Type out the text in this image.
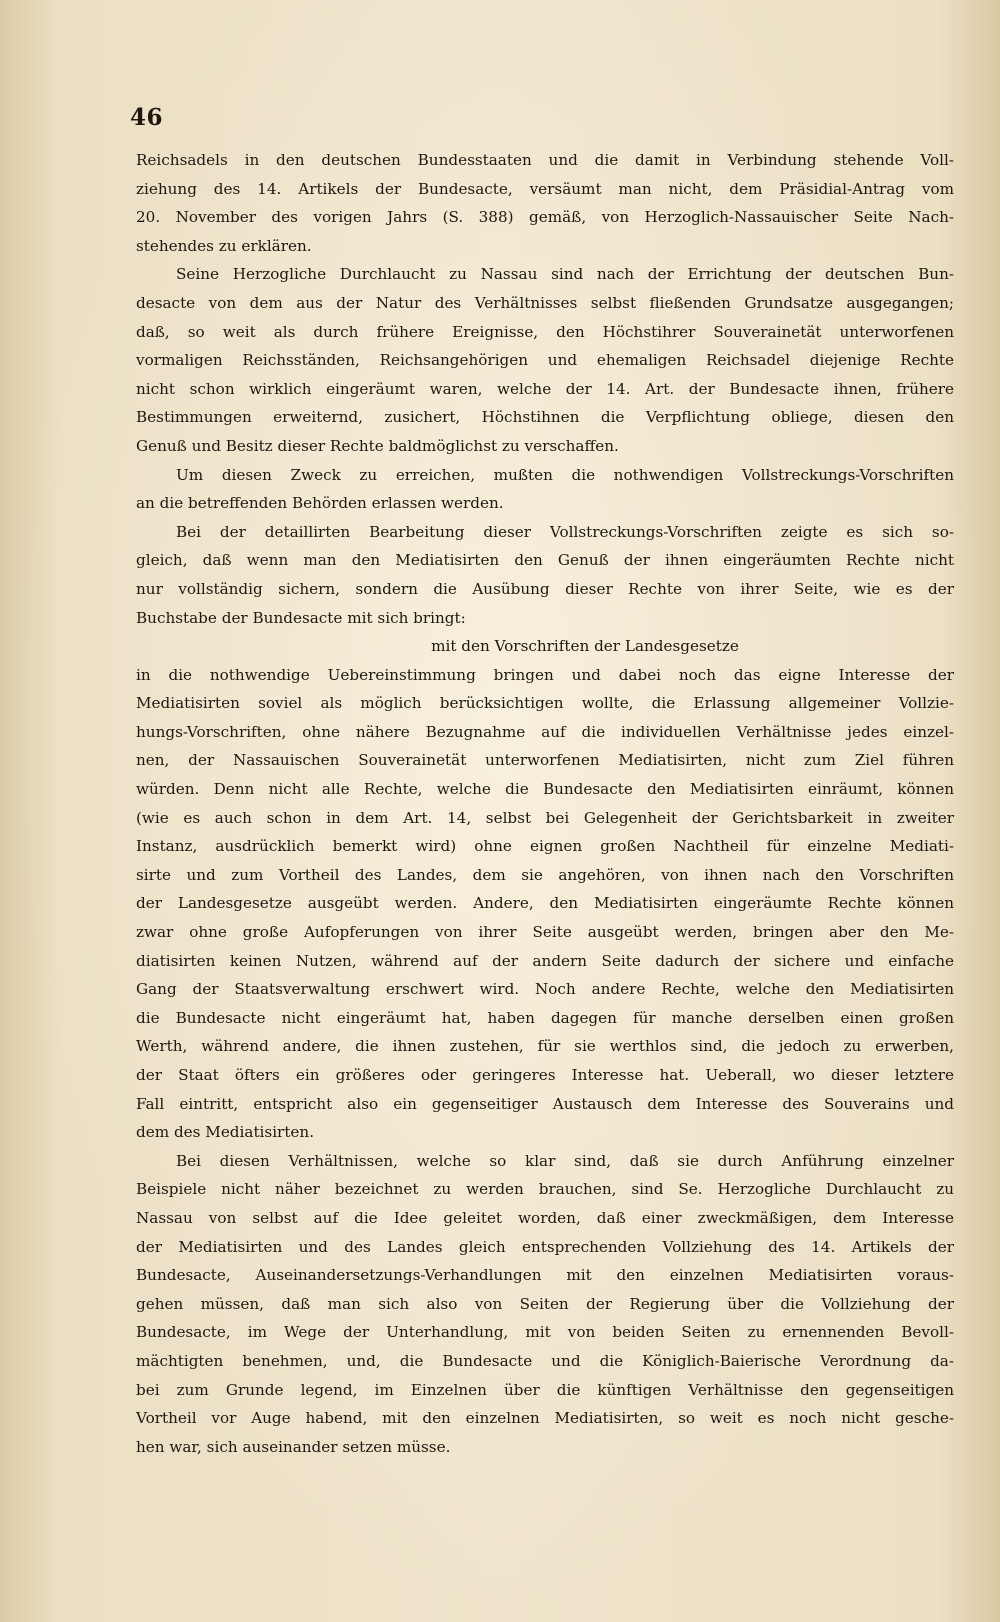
46
Reichsadels in den deutschen Bundesstaaten und die damit in Verbindung stehende Voll-
ziehung des 14. Artikels der Bundesacte, versäumt man nicht, dem Präsidial-Antrag vom
20. November des vorigen Jahrs (S. 388) gemäß, von Herzoglich-Nassauischer Seite Nach-
stehendes zu erklären.
Seine Herzogliche Durchlaucht zu Nassau sind nach der Errichtung der deutschen Bun-
desacte von dem aus der Natur des Verhältnisses selbst fließenden Grundsatze ausgegangen;
daß, so weit als durch frühere Ereignisse, den Höchstihrer Souverainetät unterworfenen
vormaligen Reichsständen, Reichsangehörigen und ehemaligen Reichsadel diejenige Rechte
nicht schon wirklich eingeräumt waren, welche der 14. Art. der Bundesacte ihnen, frühere
Bestimmungen erweiternd, zusichert, Höchstihnen die Verpflichtung obliege, diesen den
Genuß und Besitz dieser Rechte baldmöglichst zu verschaffen.
Um diesen Zweck zu erreichen, mußten die nothwendigen Vollstreckungs-Vorschriften
an die betreffenden Behörden erlassen werden.
Bei der detaillirten Bearbeitung dieser Vollstreckungs-Vorschriften zeigte es sich so-
gleich, daß wenn man den Mediatisirten den Genuß der ihnen eingeräumten Rechte nicht
nur vollständig sichern, sondern die Ausübung dieser Rechte von ihrer Seite, wie es der
Buchstabe der Bundesacte mit sich bringt:
mit den Vorschriften der Landesgesetze
in die nothwendige Uebereinstimmung bringen und dabei noch das eigne Interesse der
Mediatisirten soviel als möglich berücksichtigen wollte, die Erlassung allgemeiner Vollzie-
hungs-Vorschriften, ohne nähere Bezugnahme auf die individuellen Verhältnisse jedes einzel-
nen, der Nassauischen Souverainetät unterworfenen Mediatisirten, nicht zum Ziel führen
würden. Denn nicht alle Rechte, welche die Bundesacte den Mediatisirten einräumt, können
(wie es auch schon in dem Art. 14, selbst bei Gelegenheit der Gerichtsbarkeit in zweiter
Instanz, ausdrücklich bemerkt wird) ohne eignen großen Nachtheil für einzelne Mediati-
sirte und zum Vortheil des Landes, dem sie angehören, von ihnen nach den Vorschriften
der Landesgesetze ausgeübt werden. Andere, den Mediatisirten eingeräumte Rechte können
zwar ohne große Aufopferungen von ihrer Seite ausgeübt werden, bringen aber den Me-
diatisirten keinen Nutzen, während auf der andern Seite dadurch der sichere und einfache
Gang der Staatsverwaltung erschwert wird. Noch andere Rechte, welche den Mediatisirten
die Bundesacte nicht eingeräumt hat, haben dagegen für manche derselben einen großen
Werth, während andere, die ihnen zustehen, für sie werthlos sind, die jedoch zu erwerben,
der Staat öfters ein größeres oder geringeres Interesse hat. Ueberall, wo dieser letztere
Fall eintritt, entspricht also ein gegenseitiger Austausch dem Interesse des Souverains und
dem des Mediatisirten.
Bei diesen Verhältnissen, welche so klar sind, daß sie durch Anführung einzelner
Beispiele nicht näher bezeichnet zu werden brauchen, sind Se. Herzogliche Durchlaucht zu
Nassau von selbst auf die Idee geleitet worden, daß einer zweckmäßigen, dem Interesse
der Mediatisirten und des Landes gleich entsprechenden Vollziehung des 14. Artikels der
Bundesacte, Auseinandersetzungs-Verhandlungen mit den einzelnen Mediatisirten voraus-
gehen müssen, daß man sich also von Seiten der Regierung über die Vollziehung der
Bundesacte, im Wege der Unterhandlung, mit von beiden Seiten zu ernennenden Bevoll-
mächtigten benehmen, und, die Bundesacte und die Königlich-Baierische Verordnung da-
bei zum Grunde legend, im Einzelnen über die künftigen Verhältnisse den gegenseitigen
Vortheil vor Auge habend, mit den einzelnen Mediatisirten, so weit es noch nicht gesche-
hen war, sich auseinander setzen müsse.
